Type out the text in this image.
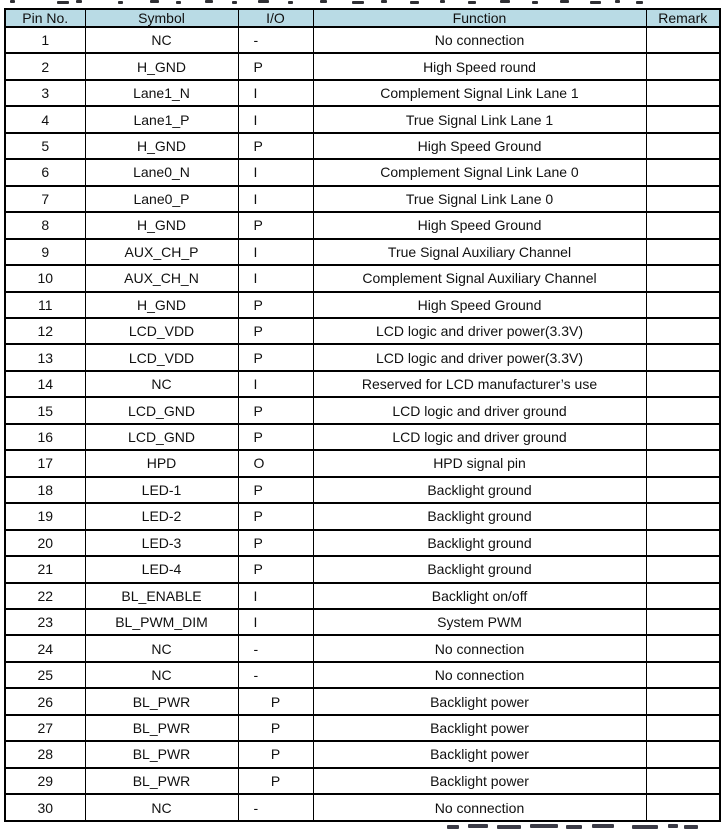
Pin No.	Symbol	I/O	Function	Remark
1	NC	-	No connection	
2	H_GND	P	High Speed round	
3	Lane1_N	I	Complement Signal Link Lane 1	
4	Lane1_P	I	True Signal Link Lane 1	
5	H_GND	P	High Speed Ground	
6	Lane0_N	I	Complement Signal Link Lane 0	
7	Lane0_P	I	True Signal Link Lane 0	
8	H_GND	P	High Speed Ground	
9	AUX_CH_P	I	True Signal Auxiliary Channel	
10	AUX_CH_N	I	Complement Signal Auxiliary Channel	
11	H_GND	P	High Speed Ground	
12	LCD_VDD	P	LCD logic and driver power(3.3V)	
13	LCD_VDD	P	LCD logic and driver power(3.3V)	
14	NC	I	Reserved for LCD manufacturer’s use	
15	LCD_GND	P	LCD logic and driver ground	
16	LCD_GND	P	LCD logic and driver ground	
17	HPD	O	HPD signal pin	
18	LED-1	P	Backlight ground	
19	LED-2	P	Backlight ground	
20	LED-3	P	Backlight ground	
21	LED-4	P	Backlight ground	
22	BL_ENABLE	I	Backlight on/off	
23	BL_PWM_DIM	I	System PWM	
24	NC	-	No connection	
25	NC	-	No connection	
26	BL_PWR	P	Backlight power	
27	BL_PWR	P	Backlight power	
28	BL_PWR	P	Backlight power	
29	BL_PWR	P	Backlight power	
30	NC	-	No connection	
